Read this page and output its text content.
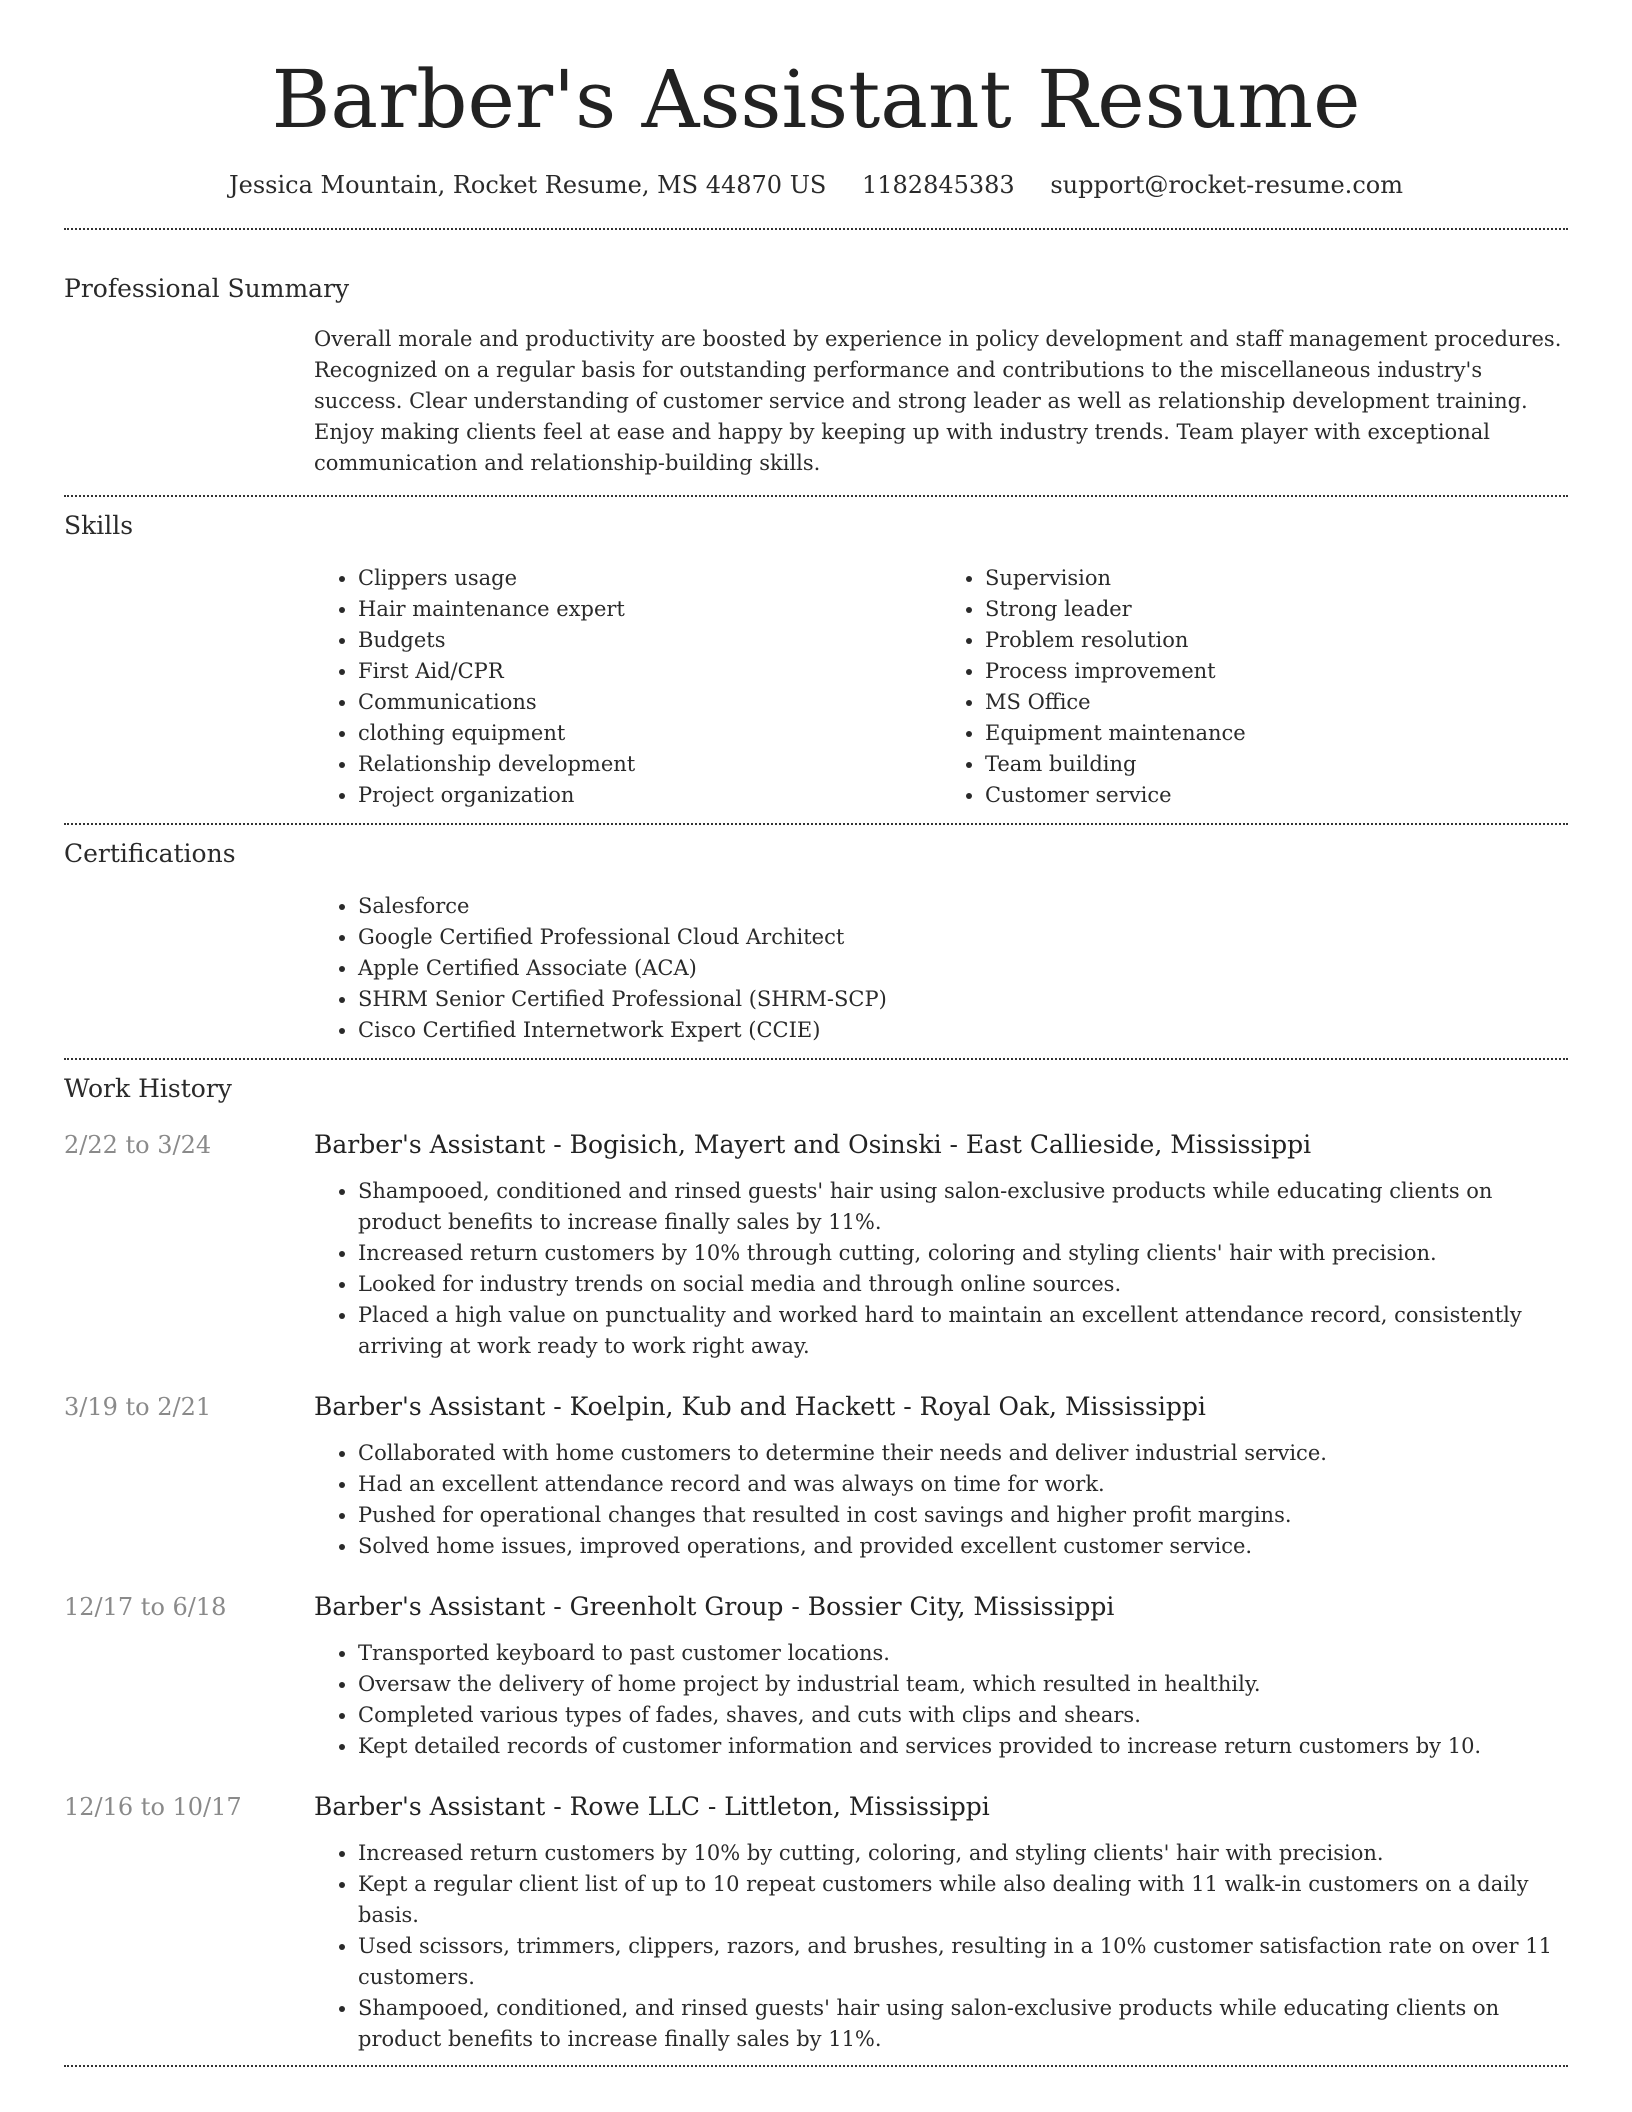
Barber's Assistant Resume
Jessica Mountain, Rocket Resume, MS 44870 US 1182845383 support@rocket-resume.com
Professional Summary

Overall morale and productivity are boosted by experience in policy development and staff management procedures. Recognized on a regular basis for outstanding performance and contributions to the miscellaneous industry's success. Clear understanding of customer service and strong leader as well as relationship development training. Enjoy making clients feel at ease and happy by keeping up with industry trends. Team player with exceptional communication and relationship-building skills.

Skills
• Clippers usage
• Hair maintenance expert
• Budgets
• First Aid/CPR
• Communications
• clothing equipment
• Relationship development
• Project organization
• Supervision
• Strong leader
• Problem resolution
• Process improvement
• MS Office
• Equipment maintenance
• Team building
• Customer service
Certifications
• Salesforce
• Google Certified Professional Cloud Architect
• Apple Certified Associate (ACA)
• SHRM Senior Certified Professional (SHRM-SCP)
• Cisco Certified Internetwork Expert (CCIE)
Work History
2/22 to 3/24	Barber's Assistant - Bogisich, Mayert and Osinski - East Callieside, Mississippi
• Shampooed, conditioned and rinsed guests' hair using salon-exclusive products while educating clients on product benefits to increase finally sales by 11%.
• Increased return customers by 10% through cutting, coloring and styling clients' hair with precision.
• Looked for industry trends on social media and through online sources.
• Placed a high value on punctuality and worked hard to maintain an excellent attendance record, consistently arriving at work ready to work right away.
3/19 to 2/21	Barber's Assistant - Koelpin, Kub and Hackett - Royal Oak, Mississippi
• Collaborated with home customers to determine their needs and deliver industrial service.
• Had an excellent attendance record and was always on time for work.
• Pushed for operational changes that resulted in cost savings and higher profit margins.
• Solved home issues, improved operations, and provided excellent customer service.
12/17 to 6/18	Barber's Assistant - Greenholt Group - Bossier City, Mississippi
• Transported keyboard to past customer locations.
• Oversaw the delivery of home project by industrial team, which resulted in healthily.
• Completed various types of fades, shaves, and cuts with clips and shears.
• Kept detailed records of customer information and services provided to increase return customers by 10.
12/16 to 10/17	Barber's Assistant - Rowe LLC - Littleton, Mississippi
• Increased return customers by 10% by cutting, coloring, and styling clients' hair with precision.
• Kept a regular client list of up to 10 repeat customers while also dealing with 11 walk-in customers on a daily basis.
• Used scissors, trimmers, clippers, razors, and brushes, resulting in a 10% customer satisfaction rate on over 11 customers.
• Shampooed, conditioned, and rinsed guests' hair using salon-exclusive products while educating clients on product benefits to increase finally sales by 11%.
